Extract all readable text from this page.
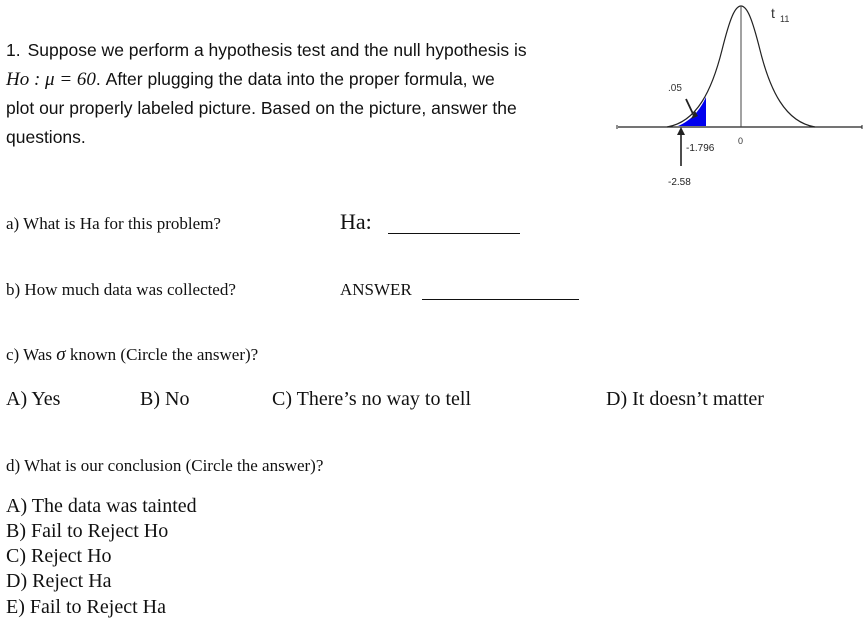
1. Suppose we perform a hypothesis test and the null hypothesis is
Ho : μ = 60. After plugging the data into the proper formula, we
plot our properly labeled picture. Based on the picture, answer the
questions.
t 11
.05
-1.796
0
-2.58
a) What is Ha for this problem?	Ha:
b) How much data was collected?	ANSWER
c) Was σ known (Circle the answer)?
A) Yes	B) No	C) There’s no way to tell	D) It doesn’t matter
d) What is our conclusion (Circle the answer)?
A) The data was tainted
B) Fail to Reject Ho
C) Reject Ho
D) Reject Ha
E) Fail to Reject Ha
